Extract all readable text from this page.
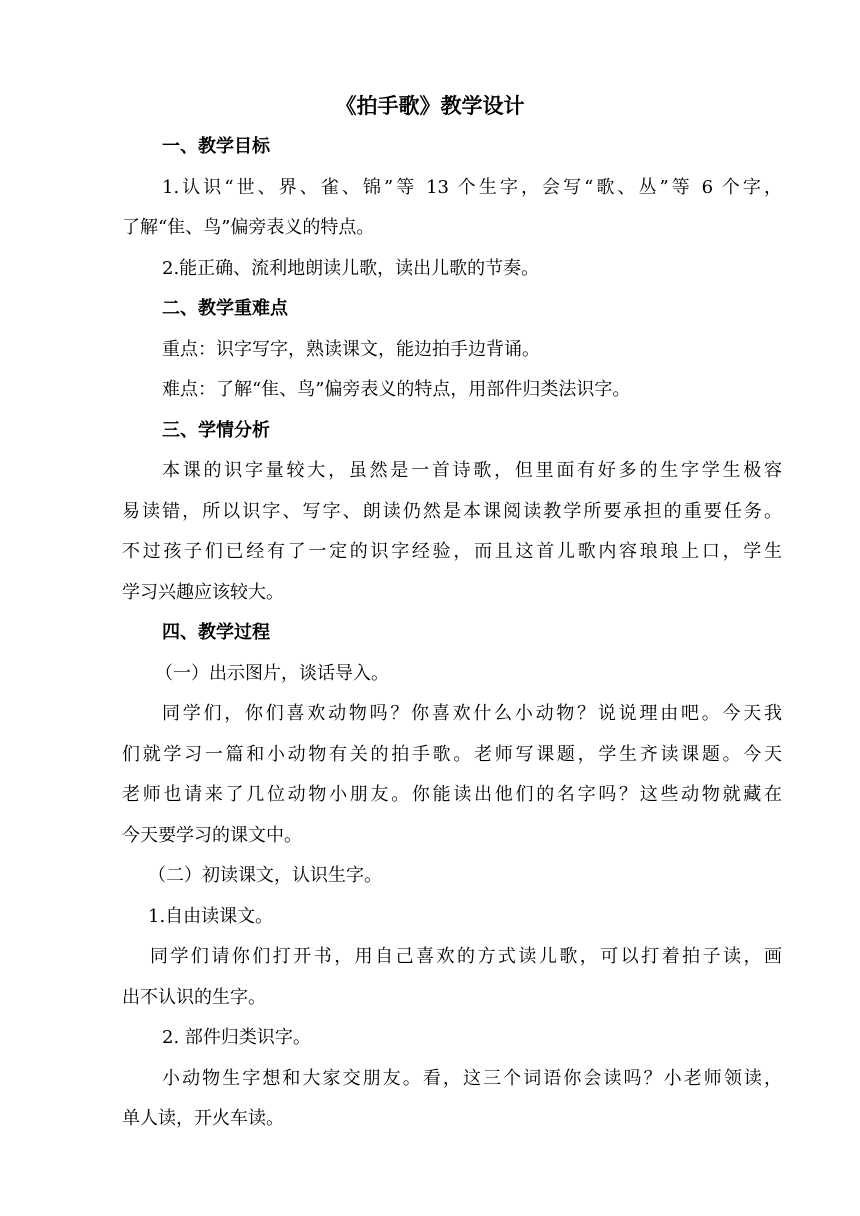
《拍手歌》教学设计
一、教学目标
1.认识“世、界、雀、锦”等 13 个生字，会写“歌、丛”等 6 个字，
了解“隹、鸟”偏旁表义的特点。
2.能正确、流利地朗读儿歌，读出儿歌的节奏。
二、教学重难点
重点：识字写字，熟读课文，能边拍手边背诵。
难点：了解“隹、鸟”偏旁表义的特点，用部件归类法识字。
三、学情分析
本课的识字量较大，虽然是一首诗歌，但里面有好多的生字学生极容
易读错，所以识字、写字、朗读仍然是本课阅读教学所要承担的重要任务。
不过孩子们已经有了一定的识字经验，而且这首儿歌内容琅琅上口，学生
学习兴趣应该较大。
四、教学过程
（一）出示图片，谈话导入。
同学们，你们喜欢动物吗？你喜欢什么小动物？说说理由吧。今天我
们就学习一篇和小动物有关的拍手歌。老师写课题，学生齐读课题。今天
老师也请来了几位动物小朋友。你能读出他们的名字吗？这些动物就藏在
今天要学习的课文中。
（二）初读课文，认识生字。
1.自由读课文。
同学们请你们打开书，用自己喜欢的方式读儿歌，可以打着拍子读，画
出不认识的生字。
2. 部件归类识字。
小动物生字想和大家交朋友。看，这三个词语你会读吗？小老师领读，
单人读，开火车读。
